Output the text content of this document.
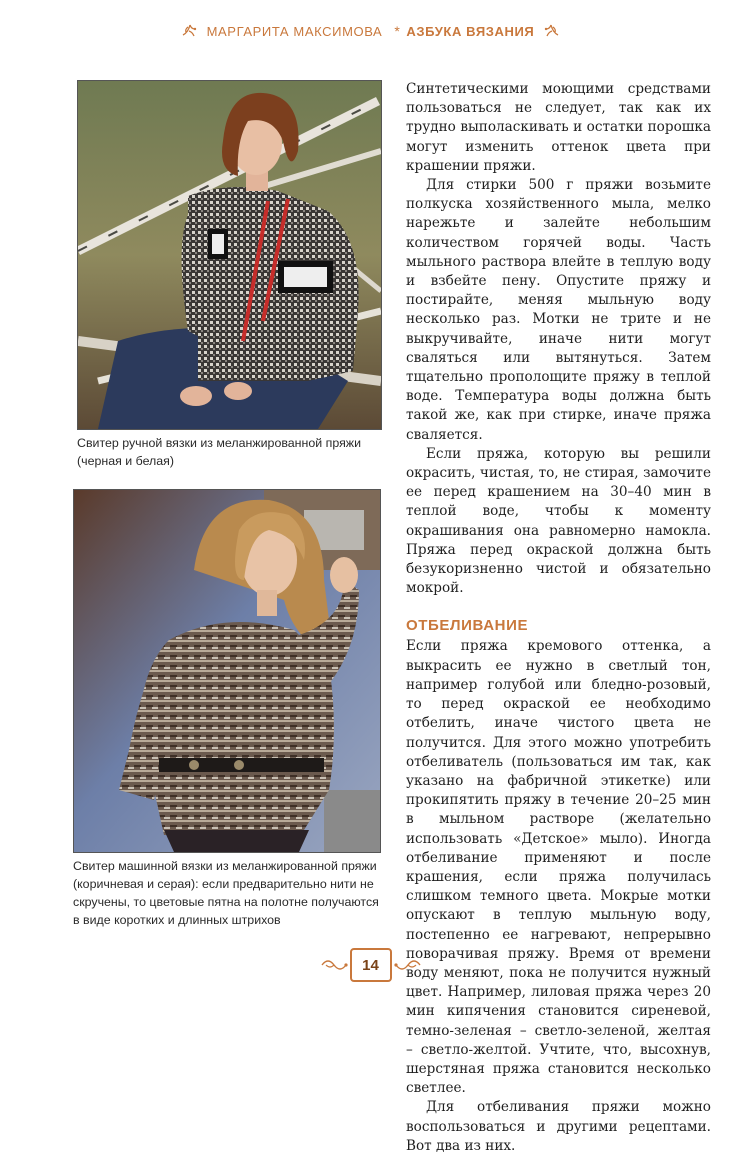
МАРГАРИТА МАКСИМОВА * АЗБУКА ВЯЗАНИЯ
Свитер ручной вязки из меланжированной пряжи (черная и белая)
Свитер машинной вязки из меланжированной пряжи (коричневая и серая): если предварительно нити не скручены, то цветовые пятна на полотне получаются в виде коротких и длинных штрихов

Синтетическими моющими средствами пользоваться не следует, так как их трудно выполаскивать и остатки порошка могут изменить оттенок цвета при крашении пряжи.

Для стирки 500 г пряжи возьмите полкуска хозяйственного мыла, мелко нарежьте и залейте небольшим количеством горячей воды. Часть мыльного раствора влейте в теплую воду и взбейте пену. Опустите пряжу и постирайте, меняя мыльную воду несколько раз. Мотки не трите и не выкручивайте, иначе нити могут сваляться или вытянуться. Затем тщательно прополощите пряжу в теплой воде. Температура воды должна быть такой же, как при стирке, иначе пряжа сваляется.

Если пряжа, которую вы решили окрасить, чистая, то, не стирая, замочите ее перед крашением на 30–40 мин в теплой воде, чтобы к моменту окрашивания она равномерно намокла. Пряжа перед окраской должна быть безукоризненно чистой и обязательно мокрой.

ОТБЕЛИВАНИЕ

Если пряжа кремового оттенка, а выкрасить ее нужно в светлый тон, например голубой или бледно-розовый, то перед окраской ее необходимо отбелить, иначе чистого цвета не получится. Для этого можно употребить отбеливатель (пользоваться им так, как указано на фабричной этикетке) или прокипятить пряжу в течение 20–25 мин в мыльном растворе (желательно использовать «Детское» мыло). Иногда отбеливание применяют и после крашения, если пряжа получилась слишком темного цвета. Мокрые мотки опускают в теплую мыльную воду, постепенно ее нагревают, непрерывно поворачивая пряжу. Время от времени воду меняют, пока не получится нужный цвет. Например, лиловая пряжа через 20 мин кипячения становится сиреневой, темно-зеленая – светло-зеленой, желтая – светло-желтой. Учтите, что, высохнув, шерстяная пряжа становится несколько светлее.

Для отбеливания пряжи можно воспользоваться и другими рецептами. Вот два из них.

14
